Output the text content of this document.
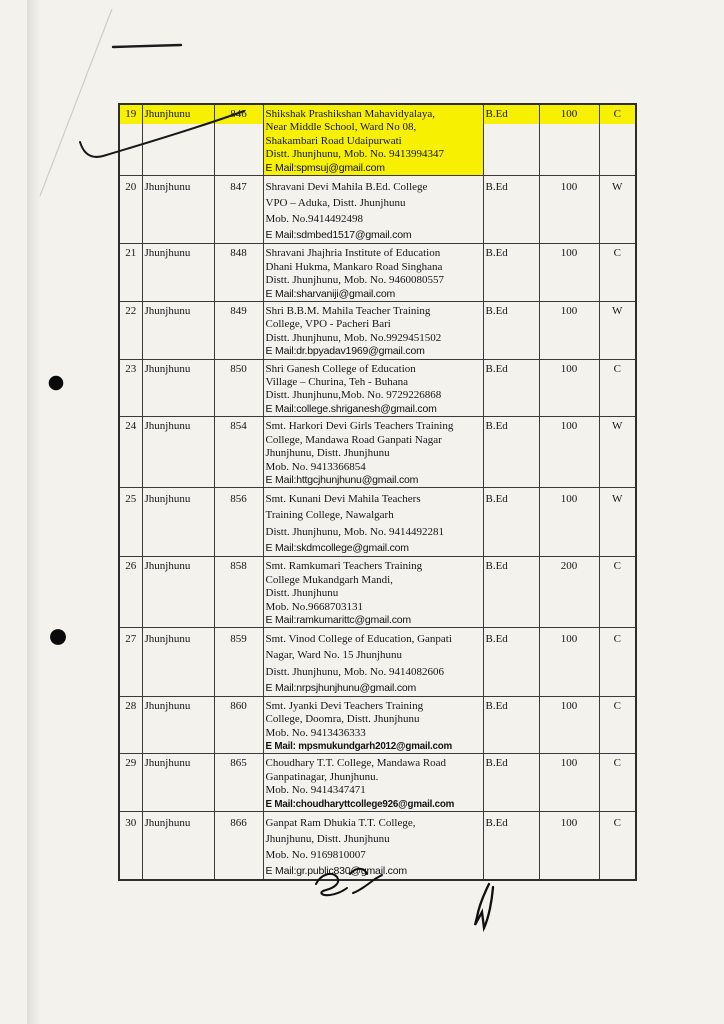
19	Jhunjhunu	846	Shikshak Prashikshan Mahavidyalaya,
Near Middle School, Ward No 08,
Shakambari Road Udaipurwati
Distt. Jhunjhunu, Mob. No. 9413994347
E Mail:spmsuj@gmail.com	B.Ed	100	C
20	Jhunjhunu	847	Shravani Devi Mahila B.Ed. College
VPO – Aduka, Distt. Jhunjhunu
Mob. No.9414492498
E Mail:sdmbed1517@gmail.com	B.Ed	100	W
21	Jhunjhunu	848	Shravani Jhajhria Institute of Education
Dhani Hukma, Mankaro Road Singhana
Distt. Jhunjhunu, Mob. No. 9460080557
E Mail:sharvaniji@gmail.com	B.Ed	100	C
22	Jhunjhunu	849	Shri B.B.M. Mahila Teacher Training
College, VPO - Pacheri Bari
Distt. Jhunjhunu, Mob. No.9929451502
E Mail:dr.bpyadav1969@gmail.com	B.Ed	100	W
23	Jhunjhunu	850	Shri Ganesh College of Education
Village – Churina, Teh - Buhana
Distt. Jhunjhunu,Mob. No. 9729226868
E Mail:college.shriganesh@gmail.com	B.Ed	100	C
24	Jhunjhunu	854	Smt. Harkori Devi Girls Teachers Training
College, Mandawa Road Ganpati Nagar
Jhunjhunu, Distt. Jhunjhunu
Mob. No. 9413366854
E Mail:httgcjhunjhunu@gmail.com	B.Ed	100	W
25	Jhunjhunu	856	Smt. Kunani Devi Mahila Teachers
Training College, Nawalgarh
Distt. Jhunjhunu, Mob. No. 9414492281
E Mail:skdmcollege@gmail.com	B.Ed	100	W
26	Jhunjhunu	858	Smt. Ramkumari Teachers Training
College Mukandgarh Mandi,
Distt. Jhunjhunu
Mob. No.9668703131
E Mail:ramkumarittc@gmail.com	B.Ed	200	C
27	Jhunjhunu	859	Smt. Vinod College of Education, Ganpati
Nagar, Ward No. 15 Jhunjhunu
Distt. Jhunjhunu, Mob. No. 9414082606
E Mail:nrpsjhunjhunu@gmail.com	B.Ed	100	C
28	Jhunjhunu	860	Smt. Jyanki Devi Teachers Training
College, Doomra, Distt. Jhunjhunu
Mob. No. 9413436333
E Mail: mpsmukundgarh2012@gmail.com	B.Ed	100	C
29	Jhunjhunu	865	Choudhary T.T. College, Mandawa Road
Ganpatinagar, Jhunjhunu.
Mob. No. 9414347471
E Mail:choudharyttcollege926@gmail.com	B.Ed	100	C
30	Jhunjhunu	866	Ganpat Ram Dhukia T.T. College,
Jhunjhunu, Distt. Jhunjhunu
Mob. No. 9169810007
E Mail:gr.public830@gmail.com	B.Ed	100	C
